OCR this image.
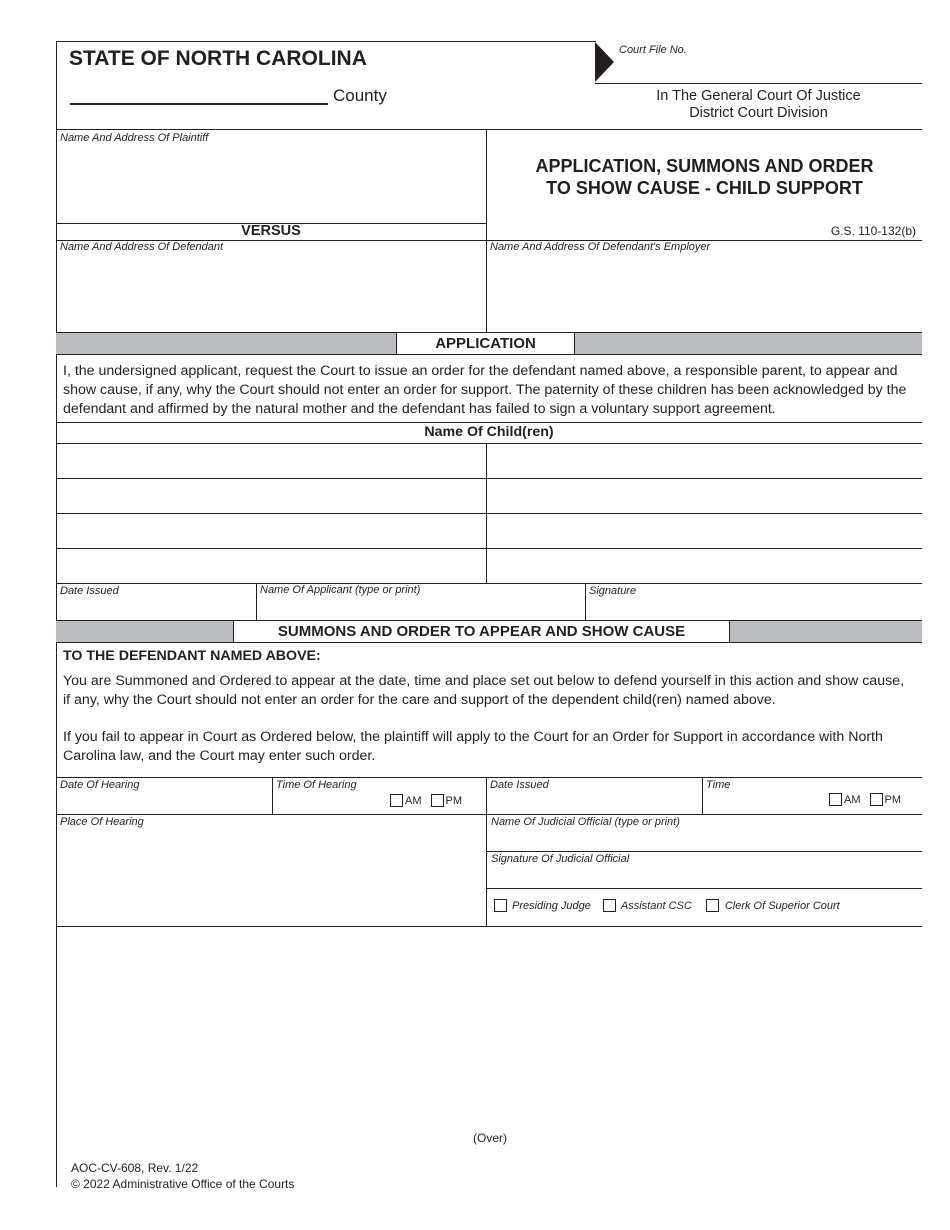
STATE OF NORTH CAROLINA
County
Court File No.
In The General Court Of Justice
District Court Division
Name And Address Of Plaintiff
VERSUS
Name And Address Of Defendant
APPLICATION, SUMMONS AND ORDER
TO SHOW CAUSE - CHILD SUPPORT
G.S. 110-132(b)
Name And Address Of Defendant's Employer
APPLICATION
I, the undersigned applicant, request the Court to issue an order for the defendant named above, a responsible parent, to appear and show cause, if any, why the Court should not enter an order for support. The paternity of these children has been acknowledged by the defendant and affirmed by the natural mother and the defendant has failed to sign a voluntary support agreement.
Name Of Child(ren)
Date Issued	Name Of Applicant (type or print)	Signature
SUMMONS AND ORDER TO APPEAR AND SHOW CAUSE
TO THE DEFENDANT NAMED ABOVE:
You are Summoned and Ordered to appear at the date, time and place set out below to defend yourself in this action and show cause, if any, why the Court should not enter an order for the care and support of the dependent child(ren) named above.
If you fail to appear in Court as Ordered below, the plaintiff will apply to the Court for an Order for Support in accordance with North Carolina law, and the Court may enter such order.
Date Of Hearing	Time Of Hearing
AM PM
Date Issued	Time
AM PM
Place Of Hearing	Name Of Judicial Official (type or print)
Signature Of Judicial Official
Presiding Judge	Assistant CSC	Clerk Of Superior Court
(Over)
AOC-CV-608, Rev. 1/22
© 2022 Administrative Office of the Courts
